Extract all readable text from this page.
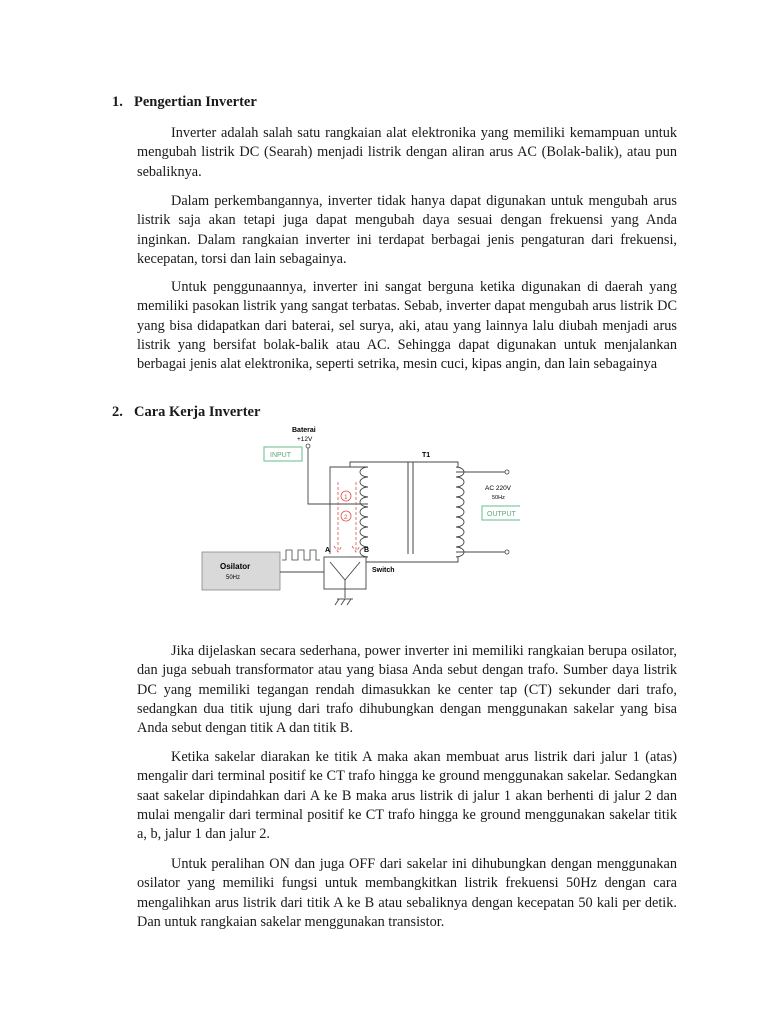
1. Pengertian Inverter

Inverter adalah salah satu rangkaian alat elektronika yang memiliki kemampuan untuk mengubah listrik DC (Searah) menjadi listrik dengan aliran arus AC (Bolak-balik), atau pun sebaliknya.

Dalam perkembangannya, inverter tidak hanya dapat digunakan untuk mengubah arus listrik saja akan tetapi juga dapat mengubah daya sesuai dengan frekuensi yang Anda inginkan. Dalam rangkaian inverter ini terdapat berbagai jenis pengaturan dari frekuensi, kecepatan, torsi dan lain sebagainya.

Untuk penggunaannya, inverter ini sangat berguna ketika digunakan di daerah yang memiliki pasokan listrik yang sangat terbatas. Sebab, inverter dapat mengubah arus listrik DC yang bisa didapatkan dari baterai, sel surya, aki, atau yang lainnya lalu diubah menjadi arus listrik yang bersifat bolak-balik atau AC. Sehingga dapat digunakan untuk menjalankan berbagai jenis alat elektronika, seperti setrika, mesin cuci, kipas angin, dan lain sebagainya

2. Cara Kerja Inverter
Baterai
+12V
INPUT	T1
AC 220V
50Hz
OUTPUT
1
2
A	B
Switch
Osilator
50Hz

Jika dijelaskan secara sederhana, power inverter ini memiliki rangkaian berupa osilator, dan juga sebuah transformator atau yang biasa Anda sebut dengan trafo. Sumber daya listrik DC yang memiliki tegangan rendah dimasukkan ke center tap (CT) sekunder dari trafo, sedangkan dua titik ujung dari trafo dihubungkan dengan menggunakan sakelar yang bisa Anda sebut dengan titik A dan titik B.

Ketika sakelar diarakan ke titik A maka akan membuat arus listrik dari jalur 1 (atas) mengalir dari terminal positif ke CT trafo hingga ke ground menggunakan sakelar. Sedangkan saat sakelar dipindahkan dari A ke B maka arus listrik di jalur 1 akan berhenti di jalur 2 dan mulai mengalir dari terminal positif ke CT trafo hingga ke ground menggunakan sakelar titik a, b, jalur 1 dan jalur 2.

Untuk peralihan ON dan juga OFF dari sakelar ini dihubungkan dengan menggunakan osilator yang memiliki fungsi untuk membangkitkan listrik frekuensi 50Hz dengan cara mengalihkan arus listrik dari titik A ke B atau sebaliknya dengan kecepatan 50 kali per detik. Dan untuk rangkaian sakelar menggunakan transistor.
